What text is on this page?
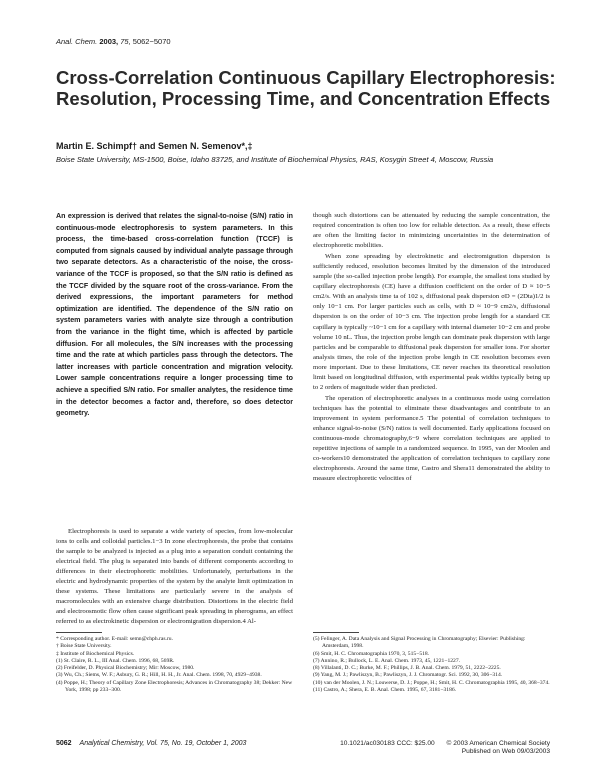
Anal. Chem. 2003, 75, 5062−5070
Cross-Correlation Continuous Capillary Electrophoresis: Resolution, Processing Time, and Concentration Effects
Martin E. Schimpf† and Semen N. Semenov*,‡
Boise State University, MS-1500, Boise, Idaho 83725, and Institute of Biochemical Physics, RAS, Kosygin Street 4, Moscow, Russia

An expression is derived that relates the signal-to-noise (S/N) ratio in continuous-mode electrophoresis to system parameters. In this process, the time-based cross-correlation function (TCCF) is computed from signals caused by individual analyte passage through two separate detectors. As a characteristic of the noise, the cross-variance of the TCCF is proposed, so that the S/N ratio is defined as the TCCF divided by the square root of the cross-variance. From the derived expressions, the important parameters for method optimization are identified. The dependence of the S/N ratio on system parameters varies with analyte size through a contribution from the variance in the flight time, which is affected by particle diffusion. For all molecules, the S/N increases with the processing time and the rate at which particles pass through the detectors. The latter increases with particle concentration and migration velocity. Lower sample concentrations require a longer processing time to achieve a specified S/N ratio. For smaller analytes, the residence time in the detector becomes a factor and, therefore, so does detector geometry.

Electrophoresis is used to separate a wide variety of species, from low-molecular ions to cells and colloidal particles.1−3 In zone electrophoresis, the probe that contains the sample to be analyzed is injected as a plug into a separation conduit containing the electrical field. The plug is separated into bands of different components according to differences in their electrophoretic mobilities. Unfortunately, perturbations in the electric and hydrodynamic properties of the system by the analyte limit optimization in these systems. These limitations are particularly severe in the analysis of macromolecules with an extensive charge distribution. Distortions in the electric field and electroosmotic flow often cause significant peak spreading in pherograms, an effect referred to as electrokinetic dispersion or electromigration dispersion.4 Al-

though such distortions can be attenuated by reducing the sample concentration, the required concentration is often too low for reliable detection. As a result, these effects are often the limiting factor in minimizing uncertainties in the determination of electrophoretic mobilities.

When zone spreading by electrokinetic and electromigration dispersion is sufficiently reduced, resolution becomes limited by the dimension of the introduced sample (the so-called injection probe length). For example, the smallest ions studied by capillary electrophoresis (CE) have a diffusion coefficient on the order of D ≈ 10−5 cm2/s. With an analysis time ta of 102 s, diffusional peak dispersion σD = (2Dta)1/2 is only 10−1 cm. For larger particles such as cells, with D ≈ 10−9 cm2/s, diffusional dispersion is on the order of 10−3 cm. The injection probe length for a standard CE capillary is typically ~10−1 cm for a capillary with internal diameter 10−2 cm and probe volume 10 nL. Thus, the injection probe length can dominate peak dispersion with large particles and be comparable to diffusional peak dispersion for smaller ions. For shorter analysis times, the role of the injection probe length in CE resolution becomes even more important. Due to these limitations, CE never reaches its theoretical resolution limit based on longitudinal diffusion, with experimental peak widths typically being up to 2 orders of magnitude wider than predicted.

The operation of electrophoretic analyses in a continuous mode using correlation techniques has the potential to eliminate these disadvantages and contribute to an improvement in system performance.5 The potential of correlation techniques to enhance signal-to-noise (S/N) ratios is well documented. Early applications focused on continuous-mode chromatography,6−9 where correlation techniques are applied to repetitive injections of sample in a randomized sequence. In 1995, van der Moolen and co-workers10 demonstrated the application of correlation techniques to capillary zone electrophoresis. Around the same time, Castro and Shera11 demonstrated the ability to measure electrophoretic velocities of

* Corresponding author. E-mail: semn@chph.ras.ru.

† Boise State University.

‡ Institute of Biochemical Physics.

(1) St. Claire, R. L., III Anal. Chem. 1996, 68, 569R.

(2) Freifelder, D. Physical Biochemistry; Mir: Moscow, 1980.

(3) Wu, Ch.; Siems, W. F.; Asbury, G. R.; Hill, H. H., Jr. Anal. Chem. 1998, 70, 4929−4938.

(4) Poppe, H.; Theory of Capillary Zone Electrophoresis; Advances in Chromatography 38; Dekker: New York, 1998; pp 233−300.

(5) Felinger, A. Data Analysis and Signal Processing in Chromatography; Elsevier: Publishing: Amsterdam, 1998.

(6) Smit, H. C. Chromatographia 1970, 3, 515−518.

(7) Annino, R.; Bullock, L. E. Anal. Chem. 1973, 45, 1221−1227.

(8) Villalanti, D. C.; Burke, M. F.; Phillips, J. B. Anal. Chem. 1979, 51, 2222−2225.

(9) Yang, M. J.; Pawliszyn, B.; Pawliszyn, J. J. Chromatogr. Sci. 1992, 30, 306−314.

(10) van der Moolen, J. N.; Louwerse, D. J.; Poppe, H.; Smit, H. C. Chromatographia 1995, 40, 368−374.

(11) Castro, A.; Shera, E. B. Anal. Chem. 1995, 67, 3181−3186.

5062 Analytical Chemistry, Vol. 75, No. 19, October 1, 2003	10.1021/ac030183 CCC: $25.00 © 2003 American Chemical Society
Published on Web 09/03/2003
